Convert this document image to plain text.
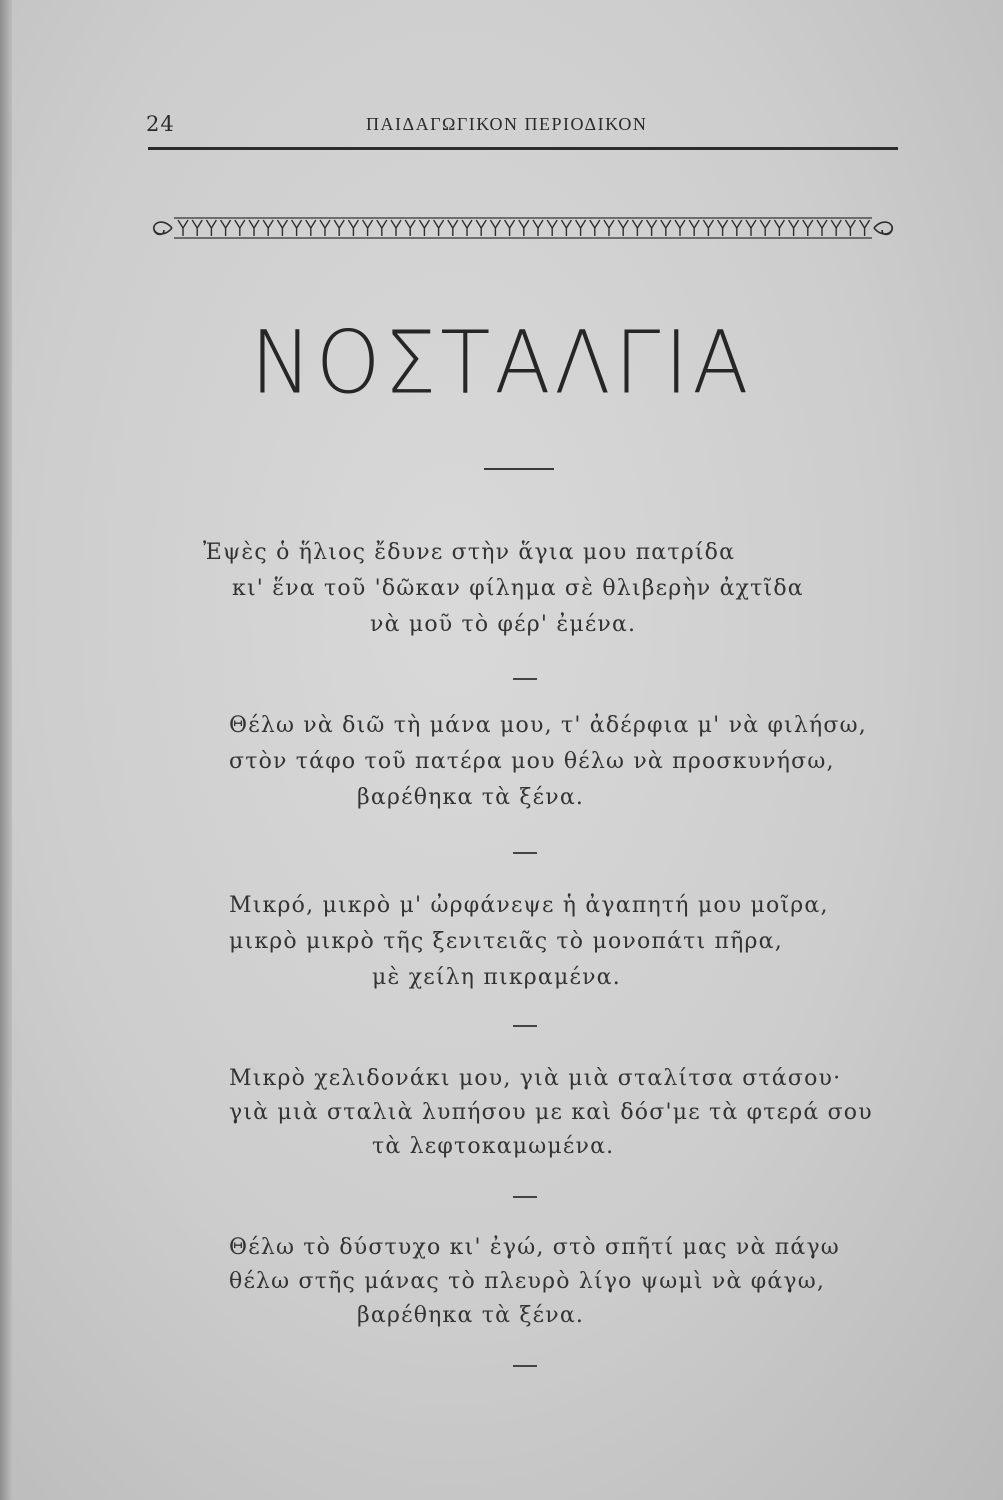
24	ΠΑΙΔΑΓΩΓΙΚΟΝ ΠΕΡΙΟΔΙΚΟΝ
ΝΟΣΤΑΛΓΙΑ
Ἐψὲς ὁ ἥλιος ἔδυνε στὴν ἅγια μου πατρίδα
κι' ἕνα τοῦ 'δῶκαν φίλημα σὲ θλιβερὴν ἀχτῖδα
νὰ μοῦ τὸ φέρ' ἐμένα.
Θέλω νὰ διῶ τὴ μάνα μου, τ' ἀδέρφια μ' νὰ φιλήσω,
στὸν τάφο τοῦ πατέρα μου θέλω νὰ προσκυνήσω,
βαρέθηκα τὰ ξένα.
Μικρό, μικρὸ μ' ὠρφάνεψε ἡ ἀγαπητή μου μοῖρα,
μικρὸ μικρὸ τῆς ξενιτειᾶς τὸ μονοπάτι πῆρα,
μὲ χείλη πικραμένα.
Μικρὸ χελιδονάκι μου, γιὰ μιὰ σταλίτσα στάσου·
γιὰ μιὰ σταλιὰ λυπήσου με καὶ δόσ'με τὰ φτερά σου
τὰ λεφτοκαμωμένα.
Θέλω τὸ δύστυχο κι' ἐγώ, στὸ σπῆτί μας νὰ πάγω
θέλω στῆς μάνας τὸ πλευρὸ λίγο ψωμὶ νὰ φάγω,
βαρέθηκα τὰ ξένα.
